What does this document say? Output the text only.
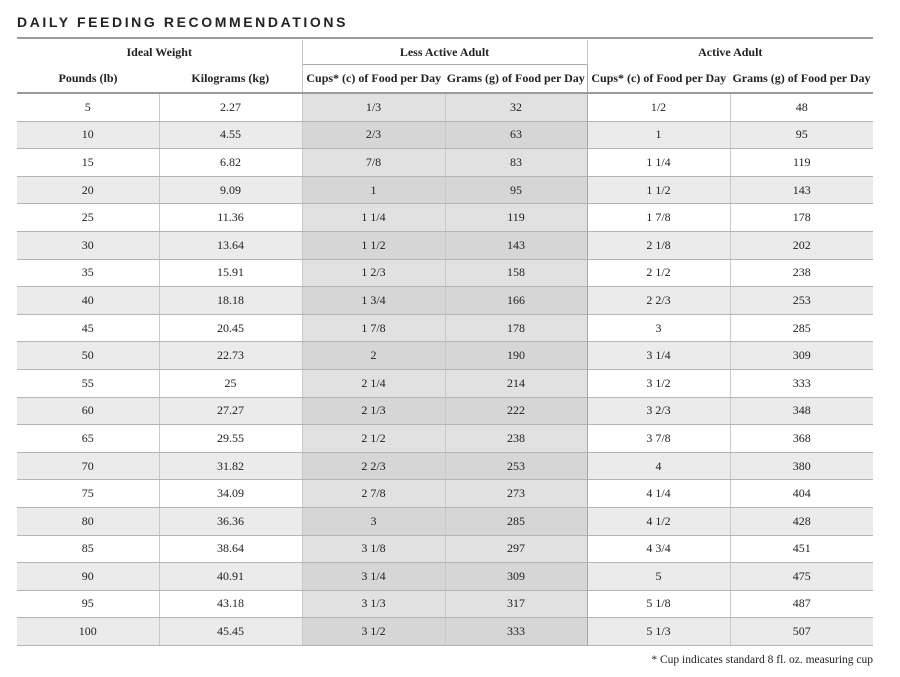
DAILY FEEDING RECOMMENDATIONS
Ideal Weight		Less Active Adult		Active Adult	
Pounds (lb)	Kilograms (kg)	Cups* (c) of Food per Day	Grams (g) of Food per Day	Cups* (c) of Food per Day	Grams (g) of Food per Day
5	2.27	1/3	32	1/2	48
10	4.55	2/3	63	1	95
15	6.82	7/8	83	1 1/4	119
20	9.09	1	95	1 1/2	143
25	11.36	1 1/4	119	1 7/8	178
30	13.64	1 1/2	143	2 1/8	202
35	15.91	1 2/3	158	2 1/2	238
40	18.18	1 3/4	166	2 2/3	253
45	20.45	1 7/8	178	3	285
50	22.73	2	190	3 1/4	309
55	25	2 1/4	214	3 1/2	333
60	27.27	2 1/3	222	3 2/3	348
65	29.55	2 1/2	238	3 7/8	368
70	31.82	2 2/3	253	4	380
75	34.09	2 7/8	273	4 1/4	404
80	36.36	3	285	4 1/2	428
85	38.64	3 1/8	297	4 3/4	451
90	40.91	3 1/4	309	5	475
95	43.18	3 1/3	317	5 1/8	487
100	45.45	3 1/2	333	5 1/3	507

* Cup indicates standard 8 fl. oz. measuring cup
